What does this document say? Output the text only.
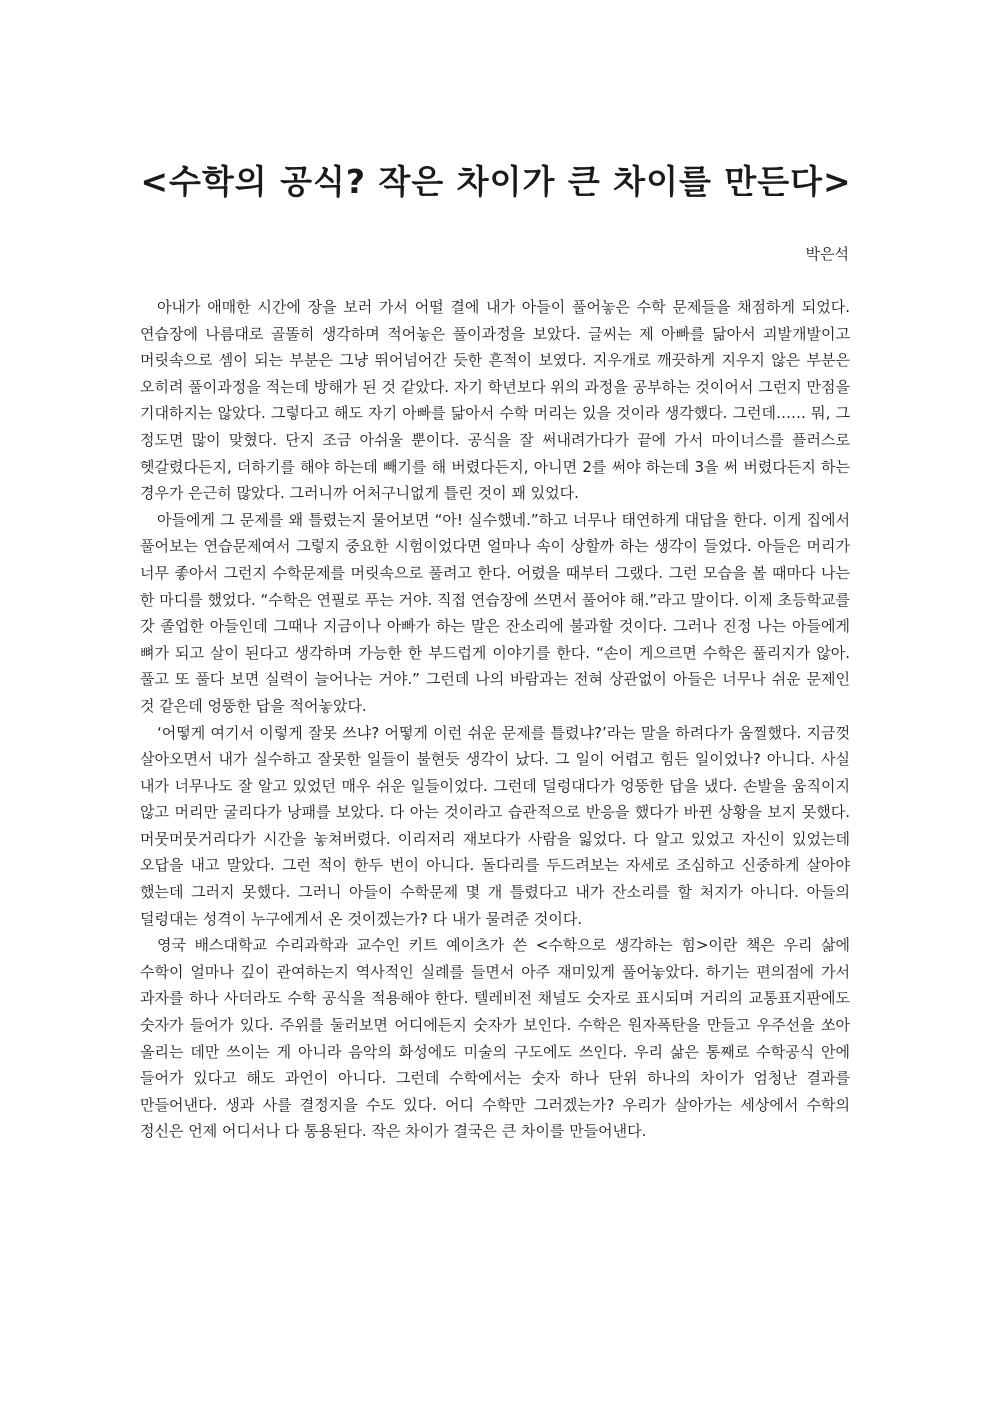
<수학의 공식? 작은 차이가 큰 차이를 만든다>

박은석

아내가 애매한 시간에 장을 보러 가서 어떨 결에 내가 아들이 풀어놓은 수학 문제들을 채점하게 되었다. 연습장에 나름대로 골똘히 생각하며 적어놓은 풀이과정을 보았다. 글씨는 제 아빠를 닮아서 괴발개발이고 머릿속으로 셈이 되는 부분은 그냥 뛰어넘어간 듯한 흔적이 보였다. 지우개로 깨끗하게 지우지 않은 부분은 오히려 풀이과정을 적는데 방해가 된 것 같았다. 자기 학년보다 위의 과정을 공부하는 것이어서 그런지 만점을 기대하지는 않았다. 그렇다고 해도 자기 아빠를 닮아서 수학 머리는 있을 것이라 생각했다. 그런데…… 뭐, 그 정도면 많이 맞혔다. 단지 조금 아쉬울 뿐이다. 공식을 잘 써내려가다가 끝에 가서 마이너스를 플러스로 헷갈렸다든지, 더하기를 해야 하는데 빼기를 해 버렸다든지, 아니면 2를 써야 하는데 3을 써 버렸다든지 하는 경우가 은근히 많았다. 그러니까 어처구니없게 틀린 것이 꽤 있었다.

아들에게 그 문제를 왜 틀렸는지 물어보면 “아! 실수했네.”하고 너무나 태연하게 대답을 한다. 이게 집에서 풀어보는 연습문제여서 그렇지 중요한 시험이었다면 얼마나 속이 상할까 하는 생각이 들었다. 아들은 머리가 너무 좋아서 그런지 수학문제를 머릿속으로 풀려고 한다. 어렸을 때부터 그랬다. 그런 모습을 볼 때마다 나는 한 마디를 했었다. “수학은 연필로 푸는 거야. 직접 연습장에 쓰면서 풀어야 해.”라고 말이다. 이제 초등학교를 갓 졸업한 아들인데 그때나 지금이나 아빠가 하는 말은 잔소리에 불과할 것이다. 그러나 진정 나는 아들에게 뼈가 되고 살이 된다고 생각하며 가능한 한 부드럽게 이야기를 한다. “손이 게으르면 수학은 풀리지가 않아. 풀고 또 풀다 보면 실력이 늘어나는 거야.” 그런데 나의 바람과는 전혀 상관없이 아들은 너무나 쉬운 문제인 것 같은데 엉뚱한 답을 적어놓았다.

‘어떻게 여기서 이렇게 잘못 쓰냐? 어떻게 이런 쉬운 문제를 틀렸냐?’라는 말을 하려다가 움찔했다. 지금껏 살아오면서 내가 실수하고 잘못한 일들이 불현듯 생각이 났다. 그 일이 어렵고 힘든 일이었나? 아니다. 사실 내가 너무나도 잘 알고 있었던 매우 쉬운 일들이었다. 그런데 덜렁대다가 엉뚱한 답을 냈다. 손발을 움직이지 않고 머리만 굴리다가 낭패를 보았다. 다 아는 것이라고 습관적으로 반응을 했다가 바뀐 상황을 보지 못했다. 머뭇머뭇거리다가 시간을 놓쳐버렸다. 이리저리 재보다가 사람을 잃었다. 다 알고 있었고 자신이 있었는데 오답을 내고 말았다. 그런 적이 한두 번이 아니다. 돌다리를 두드려보는 자세로 조심하고 신중하게 살아야 했는데 그러지 못했다. 그러니 아들이 수학문제 몇 개 틀렸다고 내가 잔소리를 할 처지가 아니다. 아들의 덜렁대는 성격이 누구에게서 온 것이겠는가? 다 내가 물려준 것이다.

영국 배스대학교 수리과학과 교수인 키트 예이츠가 쓴 <수학으로 생각하는 힘>이란 책은 우리 삶에 수학이 얼마나 깊이 관여하는지 역사적인 실례를 들면서 아주 재미있게 풀어놓았다. 하기는 편의점에 가서 과자를 하나 사더라도 수학 공식을 적용해야 한다. 텔레비전 채널도 숫자로 표시되며 거리의 교통표지판에도 숫자가 들어가 있다. 주위를 둘러보면 어디에든지 숫자가 보인다. 수학은 원자폭탄을 만들고 우주선을 쏘아 올리는 데만 쓰이는 게 아니라 음악의 화성에도 미술의 구도에도 쓰인다. 우리 삶은 통째로 수학공식 안에 들어가 있다고 해도 과언이 아니다. 그런데 수학에서는 숫자 하나 단위 하나의 차이가 엄청난 결과를 만들어낸다. 생과 사를 결정지을 수도 있다. 어디 수학만 그러겠는가? 우리가 살아가는 세상에서 수학의 정신은 언제 어디서나 다 통용된다. 작은 차이가 결국은 큰 차이를 만들어낸다.
